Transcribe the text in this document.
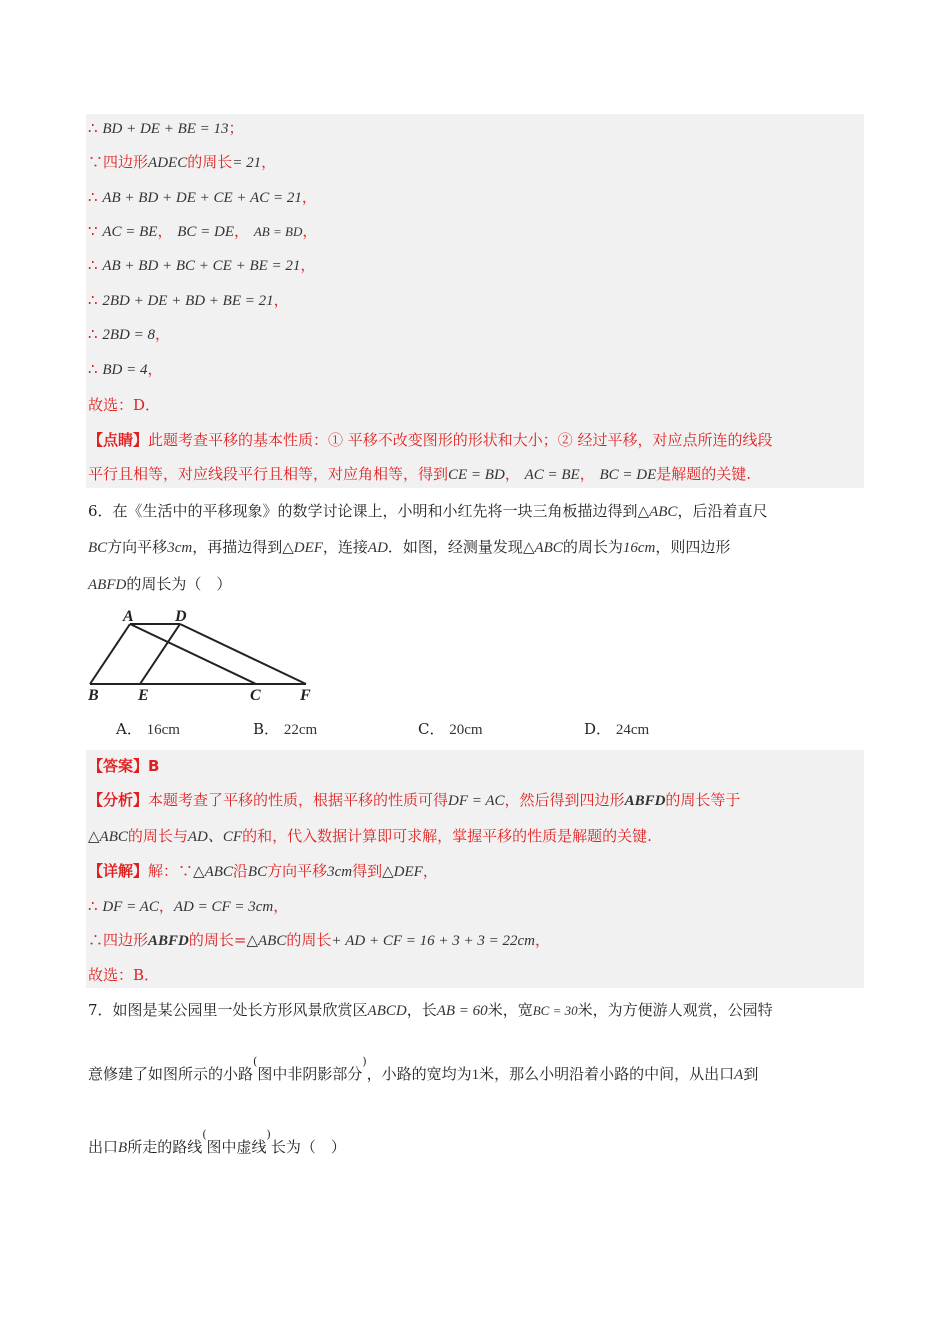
∴ BD + DE + BE = 13；
∵四边形ADEC的周长= 21，
∴ AB + BD + DE + CE + AC = 21，
∵ AC = BE， BC = DE， AB = BD，
∴ AB + BD + BC + CE + BE = 21，
∴ 2BD + DE + BD + BE = 21，
∴ 2BD = 8，
∴ BD = 4，
故选：D．
【点睛】此题考查平移的基本性质：① 平移不改变图形的形状和大小；② 经过平移，对应点所连的线段
平行且相等，对应线段平行且相等，对应角相等，得到CE = BD， AC = BE， BC = DE是解题的关键.
6．在《生活中的平移现象》的数学讨论课上，小明和小红先将一块三角板描边得到△ABC，后沿着直尺
BC方向平移3cm，再描边得到△DEF，连接AD．如图，经测量发现△ABC的周长为16cm，则四边形
ABFD的周长为（　）
A	D
B E	C F
A． 16cm	B． 22cm	C． 20cm	D． 24cm
【答案】B
【分析】本题考查了平移的性质，根据平移的性质可得DF = AC，然后得到四边形ABFD的周长等于
△ABC的周长与AD、CF的和，代入数据计算即可求解，掌握平移的性质是解题的关键.
【详解】解：∵△ABC沿BC方向平移3cm得到△DEF，
∴ DF = AC，AD = CF = 3cm，
∴四边形ABFD的周长=△ABC的周长+ AD + CF = 16 + 3 + 3 = 22cm，
故选：B．
7．如图是某公园里一处长方形风景欣赏区ABCD，长AB = 60米，宽BC = 30米，为方便游人观赏，公园特
意修建了如图所示的小路(图中非阴影部分)，小路的宽均为1米，那么小明沿着小路的中间，从出口A到
出口B所走的路线(图中虚线)长为（　）
